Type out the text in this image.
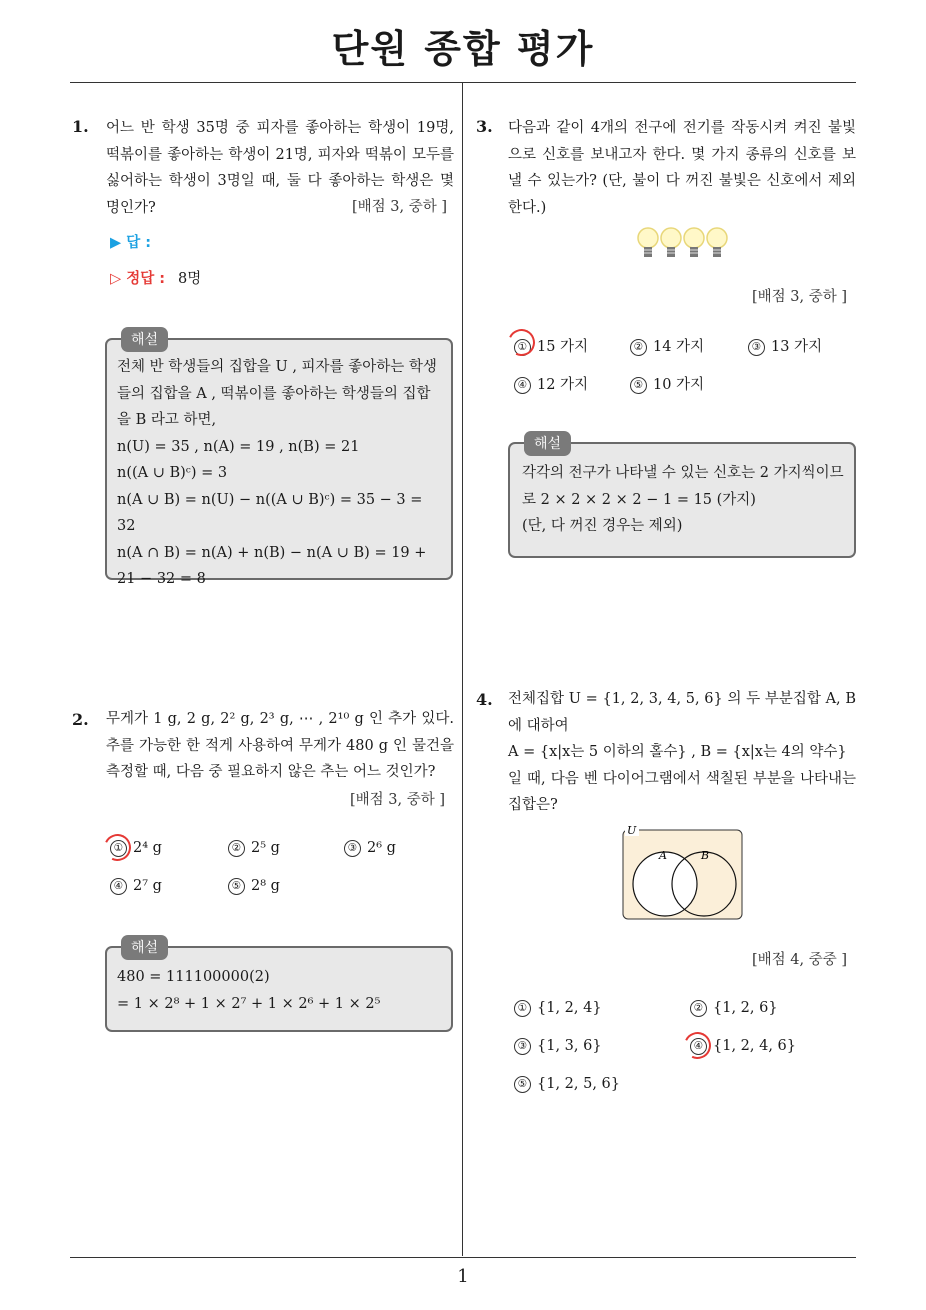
단원 종합 평가
1
1. 어느 반 학생 35명 중 피자를 좋아하는 학생이 19명, 떡볶이를 좋아하는 학생이 21명, 피자와 떡볶이 모두를 싫어하는 학생이 3명일 때, 둘 다 좋아하는 학생은 몇 명인가?	[배점 3, 중하 ]
▶ 답 :
▷ 정답 : 8명
해설
전체 반 학생들의 집합을 U , 피자를 좋아하는 학생들의 집합을 A , 떡볶이를 좋아하는 학생들의 집합을 B 라고 하면,
n(U) = 35 , n(A) = 19 , n(B) = 21
n((A ∪ B)ᶜ) = 3
n(A ∪ B) = n(U) − n((A ∪ B)ᶜ) = 35 − 3 = 32
n(A ∩ B) = n(A) + n(B) − n(A ∪ B) = 19 + 21 − 32 = 8
2. 무게가 1 g, 2 g, 2² g, 2³ g, ⋯ , 2¹⁰ g 인 추가 있다. 추를 가능한 한 적게 사용하여 무게가 480 g 인 물건을 측정할 때, 다음 중 필요하지 않은 추는 어느 것인가?
[배점 3, 중하 ]
① 2⁴ g	② 2⁵ g	③ 2⁶ g
④ 2⁷ g	⑤ 2⁸ g
해설
480 = 111100000(2)
= 1 × 2⁸ + 1 × 2⁷ + 1 × 2⁶ + 1 × 2⁵
3. 다음과 같이 4개의 전구에 전기를 작동시켜 켜진 불빛으로 신호를 보내고자 한다. 몇 가지 종류의 신호를 보낼 수 있는가? (단, 불이 다 꺼진 불빛은 신호에서 제외한다.)
[배점 3, 중하 ]
① 15 가지	② 14 가지	③ 13 가지
④ 12 가지	⑤ 10 가지
해설
각각의 전구가 나타낼 수 있는 신호는 2 가지씩이므로 2 × 2 × 2 × 2 − 1 = 15 (가지)
(단, 다 꺼진 경우는 제외)
4. 전체집합 U = {1, 2, 3, 4, 5, 6} 의 두 부분집합 A, B 에 대하여
A = {x|x는 5 이하의 홀수} , B = {x|x는 4의 약수}
일 때, 다음 벤 다이어그램에서 색칠된 부분을 나타내는 집합은?
U
A	B
[배점 4, 중중 ]
① {1, 2, 4}	② {1, 2, 6}
③ {1, 3, 6}	④ {1, 2, 4, 6}
⑤ {1, 2, 5, 6}
